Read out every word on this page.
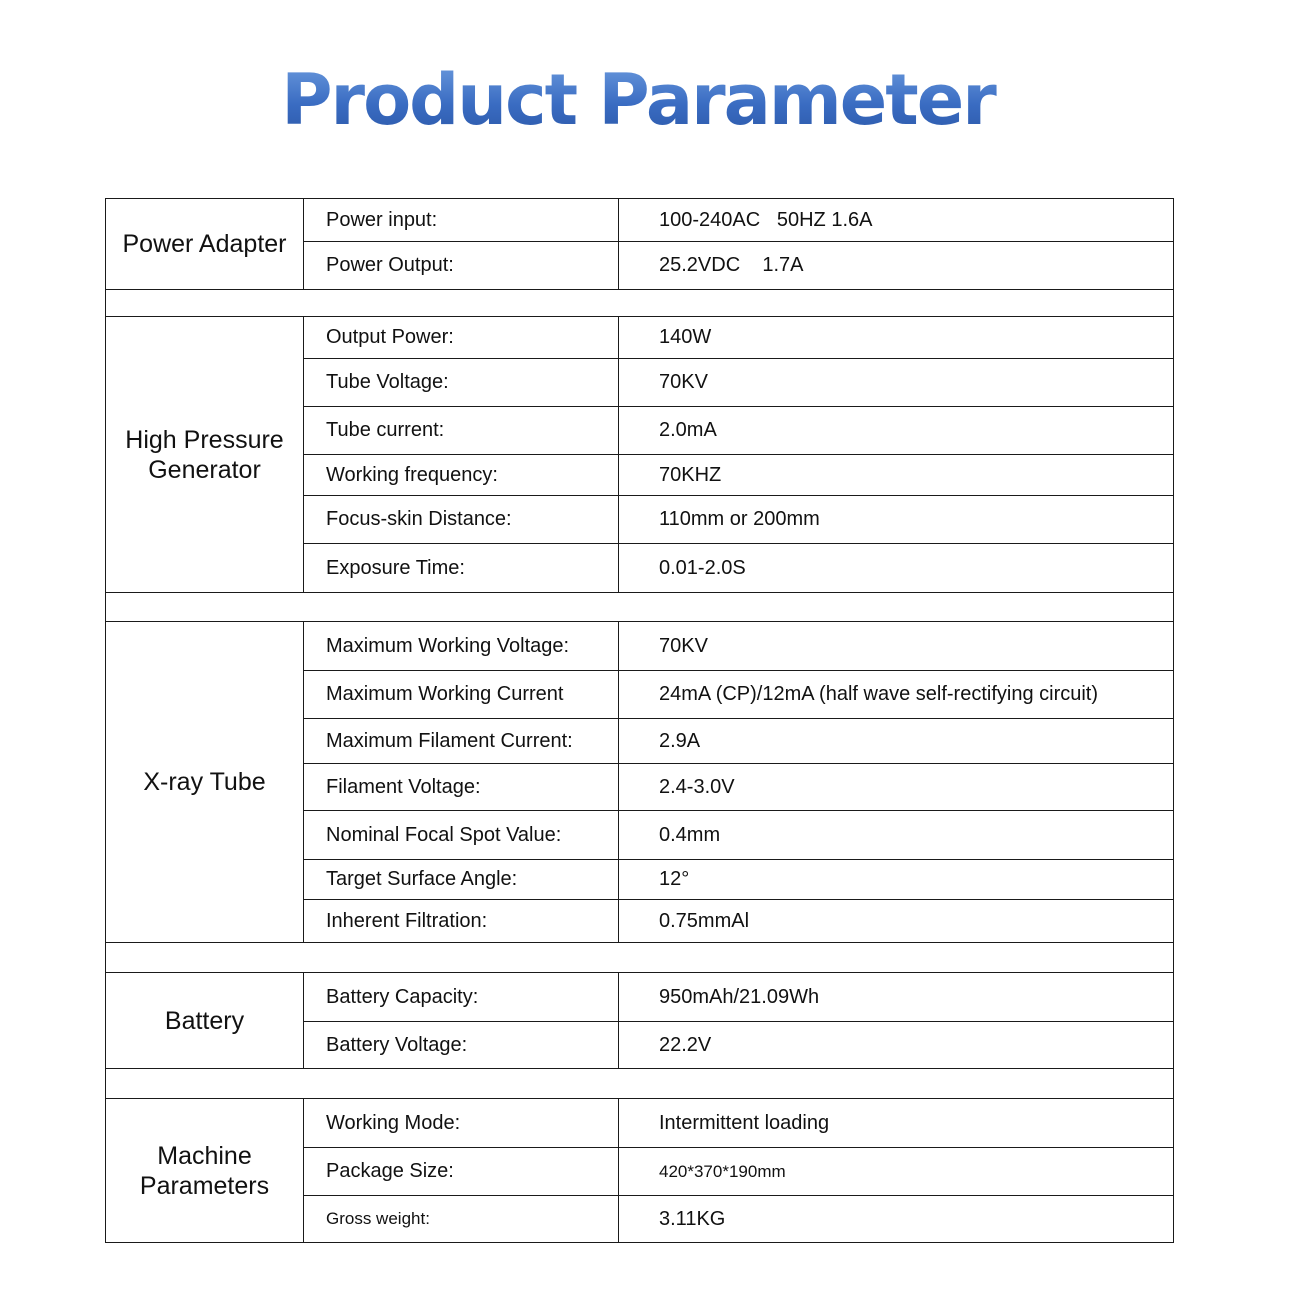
Product Parameter
Power Adapter
Power input:	100-240AC   50HZ 1.6A
Power Output:	25.2VDC    1.7A
High Pressure Generator
Output Power:	140W
Tube Voltage:	70KV
Tube current:	2.0mA
Working frequency:	70KHZ
Focus-skin Distance:	110mm or 200mm
Exposure Time:	0.01-2.0S
X-ray Tube
Maximum Working Voltage:	70KV
Maximum Working Current	24mA (CP)/12mA (half wave self-rectifying circuit)
Maximum Filament Current:	2.9A
Filament Voltage:	2.4-3.0V
Nominal Focal Spot Value:	0.4mm
Target Surface Angle:	12°
Inherent Filtration:	0.75mmAl
Battery
Battery Capacity:	950mAh/21.09Wh
Battery Voltage:	22.2V
Machine Parameters
Working Mode:	Intermittent loading
Package Size:	420*370*190mm
Gross weight:	3.11KG
